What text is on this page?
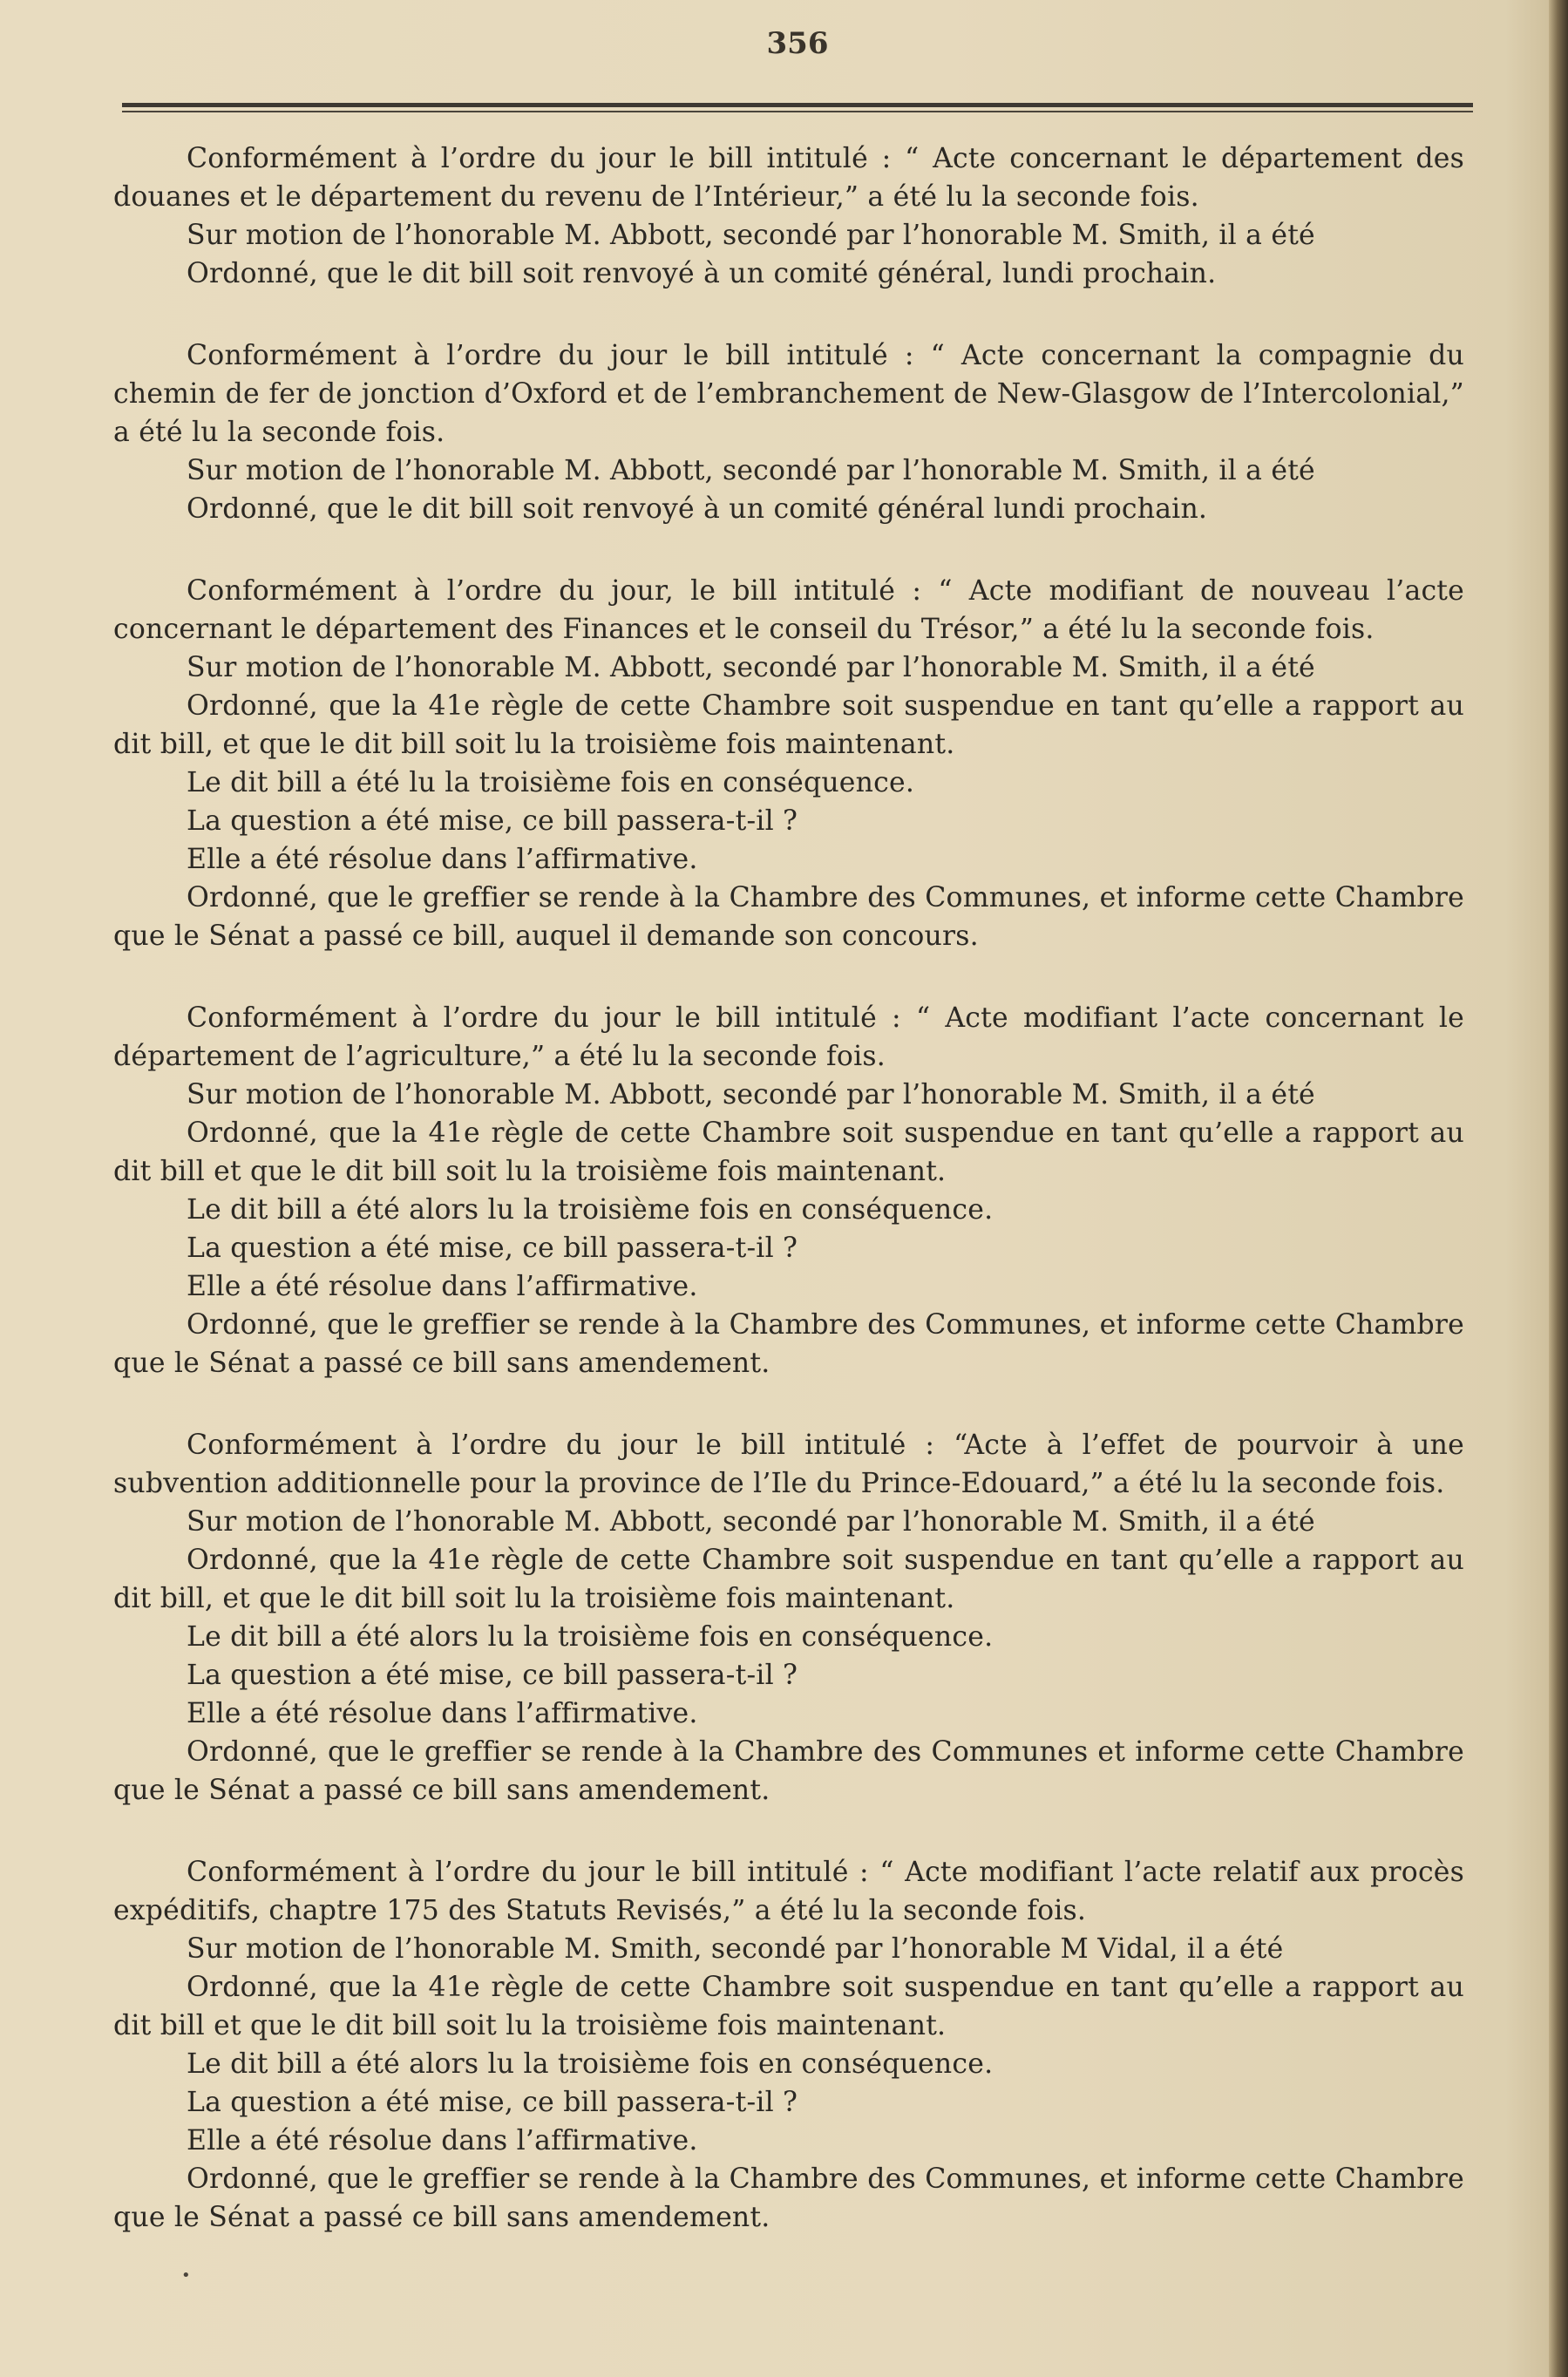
356

Conformément à l’ordre du jour le bill intitulé : “ Acte concernant le département des douanes et le département du revenu de l’Intérieur,” a été lu la seconde fois.

Sur motion de l’honorable M. Abbott, secondé par l’honorable M. Smith, il a été

Ordonné, que le dit bill soit renvoyé à un comité général, lundi prochain.

Conformément à l’ordre du jour le bill intitulé : “ Acte concernant la compagnie du chemin de fer de jonction d’Oxford et de l’embranchement de New-Glasgow de l’Intercolonial,” a été lu la seconde fois.

Sur motion de l’honorable M. Abbott, secondé par l’honorable M. Smith, il a été

Ordonné, que le dit bill soit renvoyé à un comité général lundi prochain.

Conformément à l’ordre du jour, le bill intitulé : “ Acte modifiant de nouveau l’acte concernant le département des Finances et le conseil du Trésor,” a été lu la seconde fois.

Sur motion de l’honorable M. Abbott, secondé par l’honorable M. Smith, il a été

Ordonné, que la 41e règle de cette Chambre soit suspendue en tant qu’elle a rapport au dit bill, et que le dit bill soit lu la troisième fois maintenant.

Le dit bill a été lu la troisième fois en conséquence.

La question a été mise, ce bill passera-t-il ?

Elle a été résolue dans l’affirmative.

Ordonné, que le greffier se rende à la Chambre des Communes, et informe cette Chambre que le Sénat a passé ce bill, auquel il demande son concours.

Conformément à l’ordre du jour le bill intitulé : “ Acte modifiant l’acte concernant le département de l’agriculture,” a été lu la seconde fois.

Sur motion de l’honorable M. Abbott, secondé par l’honorable M. Smith, il a été

Ordonné, que la 41e règle de cette Chambre soit suspendue en tant qu’elle a rapport au dit bill et que le dit bill soit lu la troisième fois maintenant.

Le dit bill a été alors lu la troisième fois en conséquence.

La question a été mise, ce bill passera-t-il ?

Elle a été résolue dans l’affirmative.

Ordonné, que le greffier se rende à la Chambre des Communes, et informe cette Chambre que le Sénat a passé ce bill sans amendement.

Conformément à l’ordre du jour le bill intitulé : “Acte à l’effet de pourvoir à une subvention additionnelle pour la province de l’Ile du Prince-Edouard,” a été lu la seconde fois.

Sur motion de l’honorable M. Abbott, secondé par l’honorable M. Smith, il a été

Ordonné, que la 41e règle de cette Chambre soit suspendue en tant qu’elle a rapport au dit bill, et que le dit bill soit lu la troisième fois maintenant.

Le dit bill a été alors lu la troisième fois en conséquence.

La question a été mise, ce bill passera-t-il ?

Elle a été résolue dans l’affirmative.

Ordonné, que le greffier se rende à la Chambre des Communes et informe cette Chambre que le Sénat a passé ce bill sans amendement.

Conformément à l’ordre du jour le bill intitulé : “ Acte modifiant l’acte relatif aux procès expéditifs, chaptre 175 des Statuts Revisés,” a été lu la seconde fois.

Sur motion de l’honorable M. Smith, secondé par l’honorable M Vidal, il a été

Ordonné, que la 41e règle de cette Chambre soit suspendue en tant qu’elle a rapport au dit bill et que le dit bill soit lu la troisième fois maintenant.

Le dit bill a été alors lu la troisième fois en conséquence.

La question a été mise, ce bill passera-t-il ?

Elle a été résolue dans l’affirmative.

Ordonné, que le greffier se rende à la Chambre des Communes, et informe cette Chambre que le Sénat a passé ce bill sans amendement.

•
